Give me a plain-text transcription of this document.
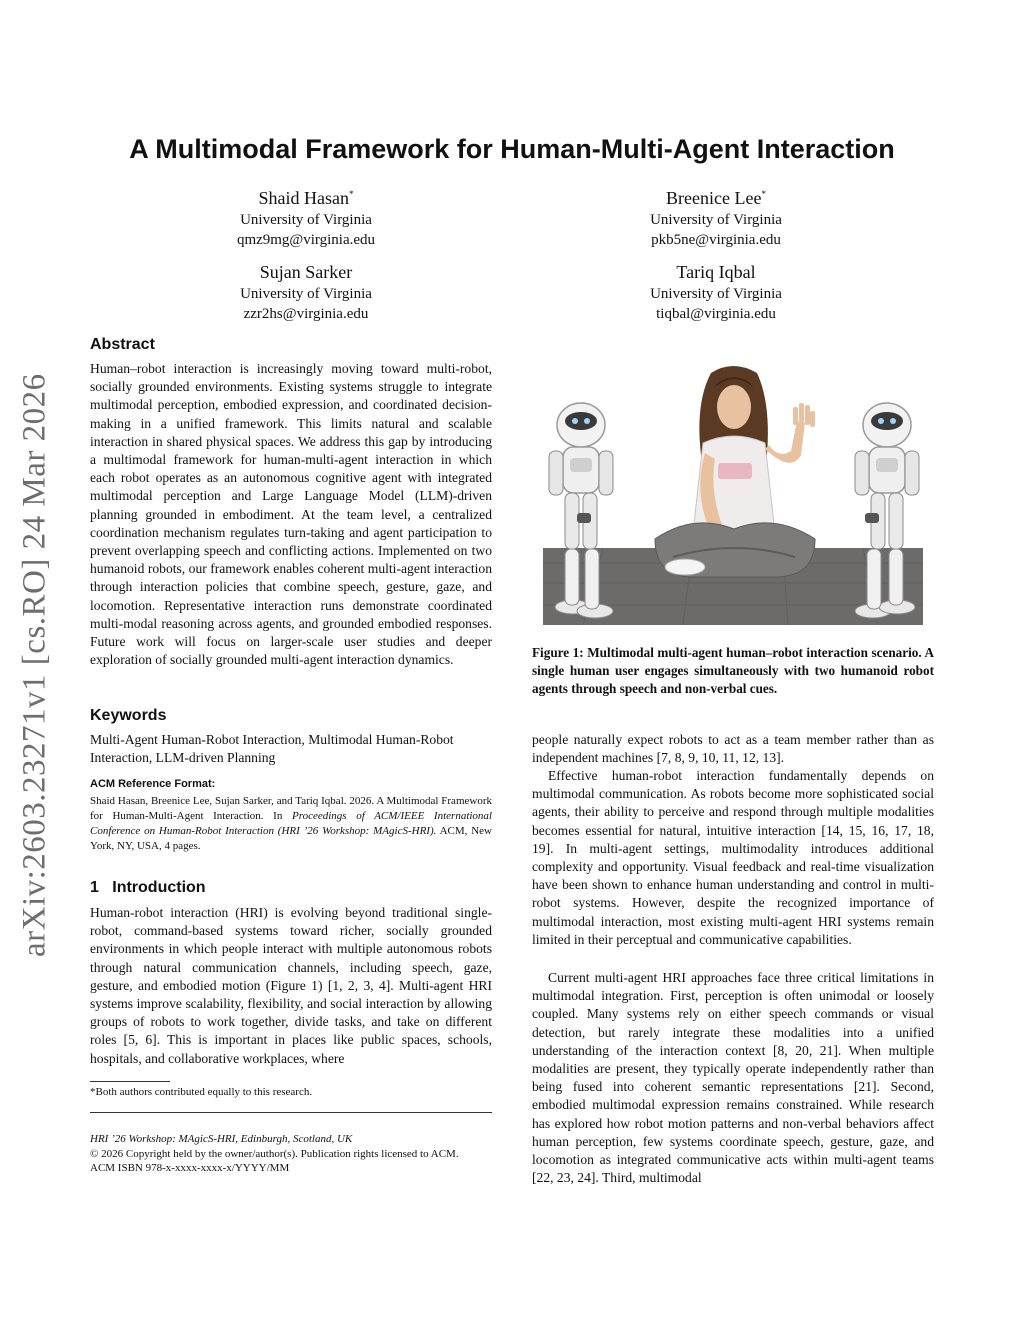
arXiv:2603.23271v1 [cs.RO] 24 Mar 2026
A Multimodal Framework for Human-Multi-Agent Interaction
Shaid Hasan*
University of Virginia
qmz9mg@virginia.edu
Breenice Lee*
University of Virginia
pkb5ne@virginia.edu
Sujan Sarker
University of Virginia
zzr2hs@virginia.edu
Tariq Iqbal
University of Virginia
tiqbal@virginia.edu
Abstract

Human–robot interaction is increasingly moving toward multi-robot, socially grounded environments. Existing systems struggle to integrate multimodal perception, embodied expression, and coordinated decision-making in a unified framework. This limits natural and scalable interaction in shared physical spaces. We address this gap by introducing a multimodal framework for human-multi-agent interaction in which each robot operates as an autonomous cognitive agent with integrated multimodal perception and Large Language Model (LLM)-driven planning grounded in embodiment. At the team level, a centralized coordination mechanism regulates turn-taking and agent participation to prevent overlapping speech and conflicting actions. Implemented on two humanoid robots, our framework enables coherent multi-agent interaction through interaction policies that combine speech, gesture, gaze, and locomotion. Representative interaction runs demonstrate coordinated multi-modal reasoning across agents, and grounded embodied responses. Future work will focus on larger-scale user studies and deeper exploration of socially grounded multi-agent interaction dynamics.

Keywords

Multi-Agent Human-Robot Interaction, Multimodal Human-Robot Interaction, LLM-driven Planning

ACM Reference Format:

Shaid Hasan, Breenice Lee, Sujan Sarker, and Tariq Iqbal. 2026. A Multimodal Framework for Human-Multi-Agent Interaction. In Proceedings of ACM/IEEE International Conference on Human-Robot Interaction (HRI ’26 Workshop: MAgicS-HRI). ACM, New York, NY, USA, 4 pages.

1 Introduction

Human-robot interaction (HRI) is evolving beyond traditional single-robot, command-based systems toward richer, socially grounded environments in which people interact with multiple autonomous robots through natural communication channels, including speech, gaze, gesture, and embodied motion (Figure 1) [1, 2, 3, 4]. Multi-agent HRI systems improve scalability, flexibility, and social interaction by allowing groups of robots to work together, divide tasks, and take on different roles [5, 6]. This is important in places like public spaces, schools, hospitals, and collaborative workplaces, where

*Both authors contributed equally to this research.

HRI ’26 Workshop: MAgicS-HRI, Edinburgh, Scotland, UK

© 2026 Copyright held by the owner/author(s). Publication rights licensed to ACM.

ACM ISBN 978-x-xxxx-xxxx-x/YYYY/MM

Figure 1: Multimodal multi-agent human–robot interaction scenario. A single human user engages simultaneously with two humanoid robot agents through speech and non-verbal cues.

people naturally expect robots to act as a team member rather than as independent machines [7, 8, 9, 10, 11, 12, 13].

Effective human-robot interaction fundamentally depends on multimodal communication. As robots become more sophisticated social agents, their ability to perceive and respond through multiple modalities becomes essential for natural, intuitive interaction [14, 15, 16, 17, 18, 19]. In multi-agent settings, multimodality introduces additional complexity and opportunity. Visual feedback and real-time visualization have been shown to enhance human understanding and control in multi-robot systems. However, despite the recognized importance of multimodal interaction, most existing multi-agent HRI systems remain limited in their perceptual and communicative capabilities.

Current multi-agent HRI approaches face three critical limitations in multimodal integration. First, perception is often unimodal or loosely coupled. Many systems rely on either speech commands or visual detection, but rarely integrate these modalities into a unified understanding of the interaction context [8, 20, 21]. When multiple modalities are present, they typically operate independently rather than being fused into coherent semantic representations [21]. Second, embodied multimodal expression remains constrained. While research has explored how robot motion patterns and non-verbal behaviors affect human perception, few systems coordinate speech, gesture, gaze, and locomotion as integrated communicative acts within multi-agent teams [22, 23, 24]. Third, multimodal
